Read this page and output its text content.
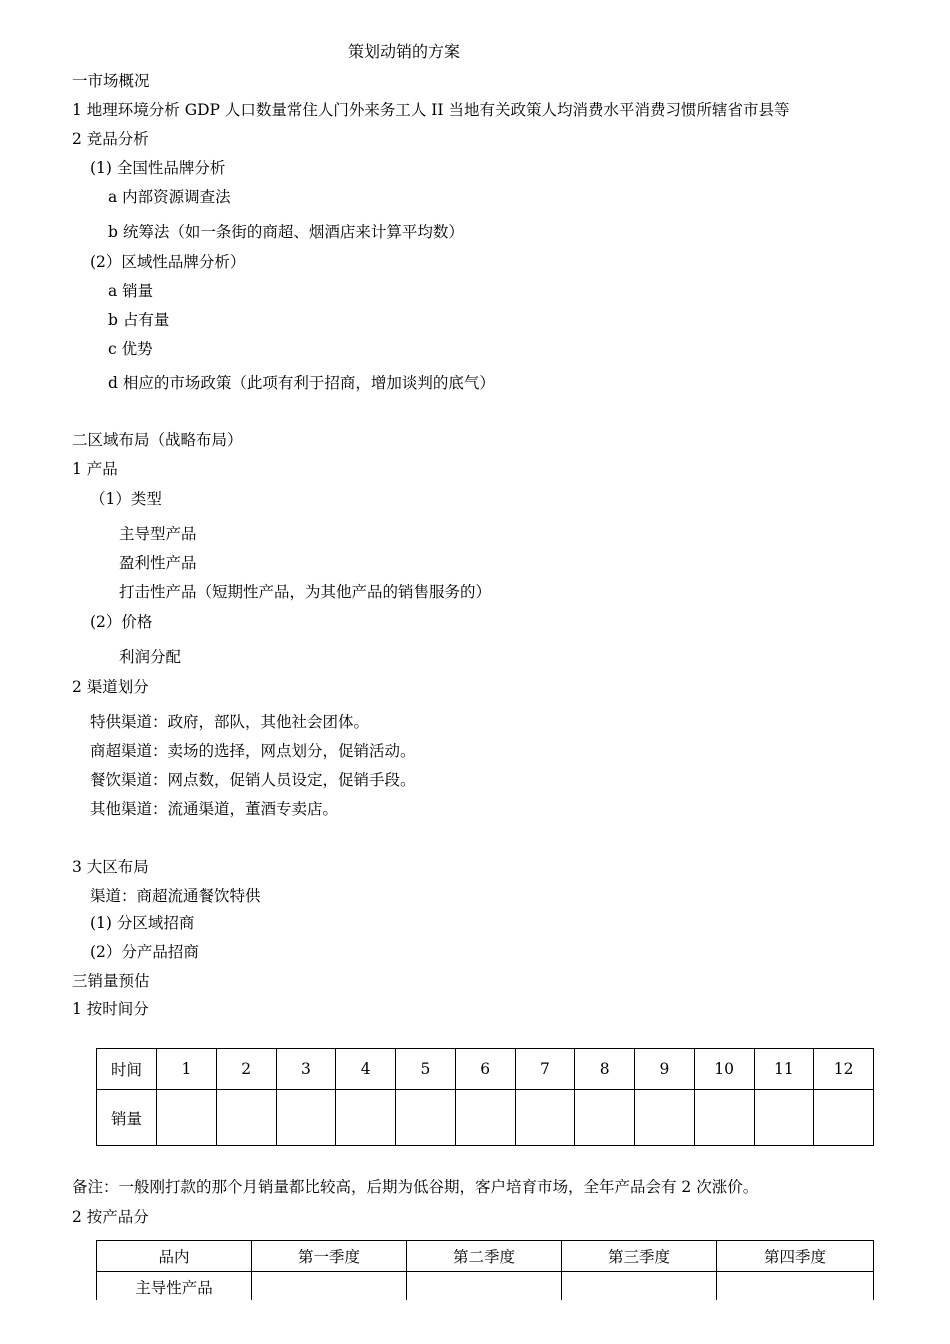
策划动销的方案
一市场概况
1 地理环境分析 GDP 人口数量常住人门外来务工人 II 当地有关政策人均消费水平消费习惯所辖省市县等
2 竞品分析
(1) 全国性品牌分析
a 内部资源调查法
b 统筹法（如一条街的商超、烟酒店来计算平均数）
(2）区域性品牌分析）
a 销量
b 占有量
c 优势
d 相应的市场政策（此项有利于招商，增加谈判的底气）
二区域布局（战略布局）
1 产品
（1）类型
主导型产品
盈利性产品
打击性产品（短期性产品，为其他产品的销售服务的）
(2）价格
利润分配
2 渠道划分
特供渠道：政府，部队，其他社会团体。
商超渠道：卖场的选择，网点划分，促销活动。
餐饮渠道：网点数，促销人员设定，促销手段。
其他渠道：流通渠道，董酒专卖店。
3 大区布局
渠道：商超流通餐饮特供
(1) 分区域招商
(2）分产品招商
三销量预估
1 按时间分
时间	1	2	3	4	5	6	7	8	9	10	11	12
销量												
备注：一般刚打款的那个月销量都比较高，后期为低谷期，客户培育市场，全年产品会有 2 次涨价。
2 按产品分
品内	第一季度	第二季度	第三季度	第四季度
主导性产品				
